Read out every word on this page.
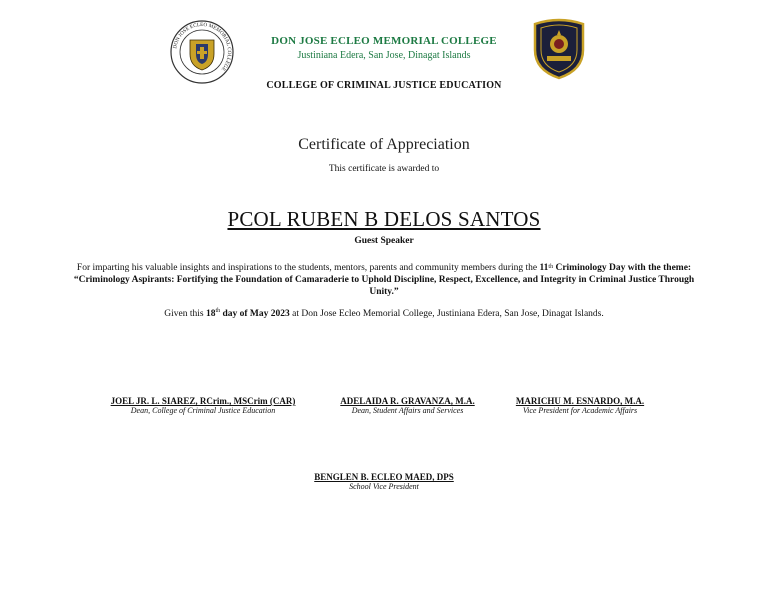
DON JOSE ECLEO MEMORIAL COLLEGE
DON JOSE ECLEO MEMORIAL COLLEGE
Justiniana Edera, San Jose, Dinagat Islands
COLLEGE OF CRIMINAL JUSTICE EDUCATION
Certificate of Appreciation
This certificate is awarded to
PCOL RUBEN B DELOS SANTOS
Guest Speaker
For imparting his valuable insights and inspirations to the students, mentors, parents and community members during the 11th Criminology Day with the theme: “Criminology Aspirants: Fortifying the Foundation of Camaraderie to Uphold Discipline, Respect, Excellence, and Integrity in Criminal Justice Through Unity.”
Given this 18th day of May 2023 at Don Jose Ecleo Memorial College, Justiniana Edera, San Jose, Dinagat Islands.
JOEL JR. L. SIAREZ, RCrim., MSCrim (CAR)
Dean, College of Criminal Justice Education
ADELAIDA R. GRAVANZA, M.A.
Dean, Student Affairs and Services
MARICHU M. ESNARDO, M.A.
Vice President for Academic Affairs
BENGLEN B. ECLEO MAED, DPS
School Vice President
